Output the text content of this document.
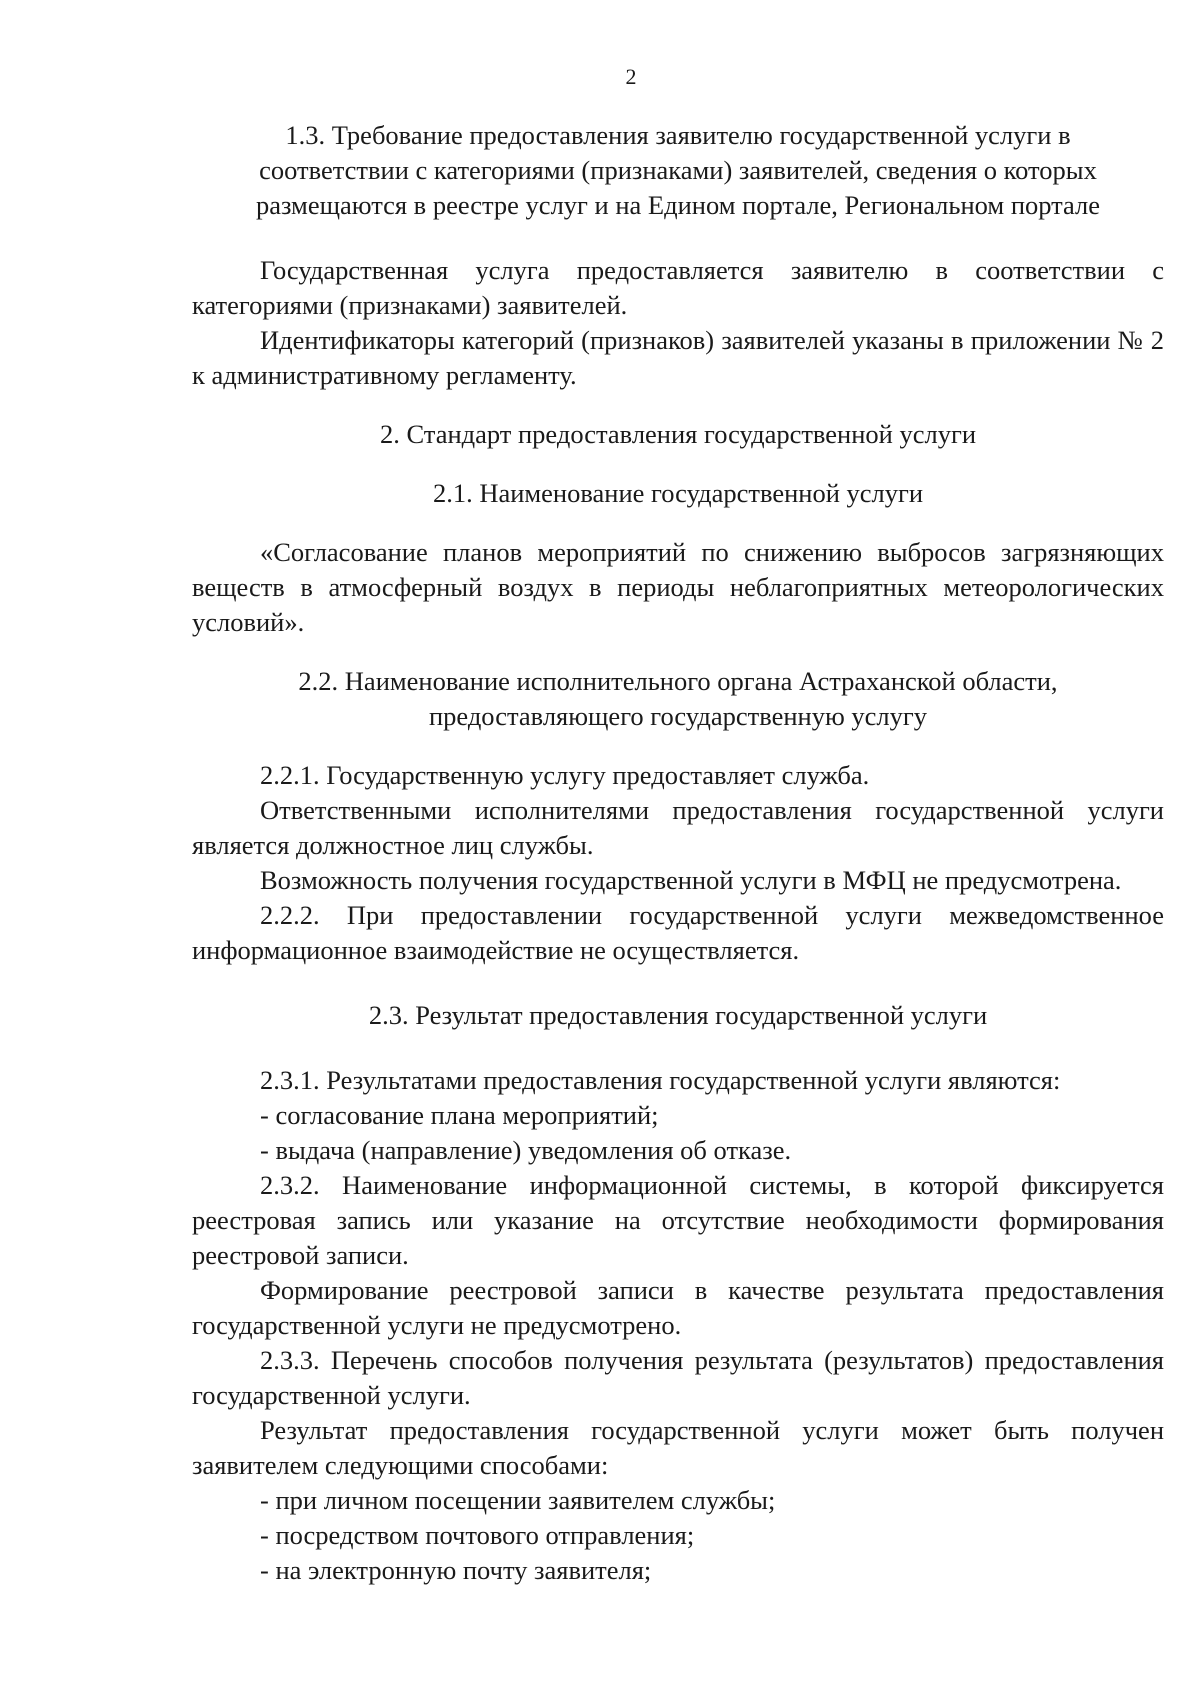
2
1.3. Требование предоставления заявителю государственной услуги в соответствии с категориями (признаками) заявителей, сведения о которых размещаются в реестре услуг и на Едином портале, Региональном портале
Государственная услуга предоставляется заявителю в соответствии с категориями (признаками) заявителей.
Идентификаторы категорий (признаков) заявителей указаны в приложении № 2 к административному регламенту.
2. Стандарт предоставления государственной услуги
2.1. Наименование государственной услуги
«Согласование планов мероприятий по снижению выбросов загрязняющих веществ в атмосферный воздух в периоды неблагоприятных метеорологических условий».
2.2. Наименование исполнительного органа Астраханской области, предоставляющего государственную услугу
2.2.1. Государственную услугу предоставляет служба.
Ответственными исполнителями предоставления государственной услуги является должностное лиц службы.
Возможность получения государственной услуги в МФЦ не предусмотрена.
2.2.2. При предоставлении государственной услуги межведомственное информационное взаимодействие не осуществляется.
2.3. Результат предоставления государственной услуги
2.3.1. Результатами предоставления государственной услуги являются:
- согласование плана мероприятий;
- выдача (направление) уведомления об отказе.
2.3.2. Наименование информационной системы, в которой фиксируется реестровая запись или указание на отсутствие необходимости формирования реестровой записи.
Формирование реестровой записи в качестве результата предоставления государственной услуги не предусмотрено.
2.3.3. Перечень способов получения результата (результатов) предоставления государственной услуги.
Результат предоставления государственной услуги может быть получен заявителем следующими способами:
- при личном посещении заявителем службы;
- посредством почтового отправления;
- на электронную почту заявителя;
